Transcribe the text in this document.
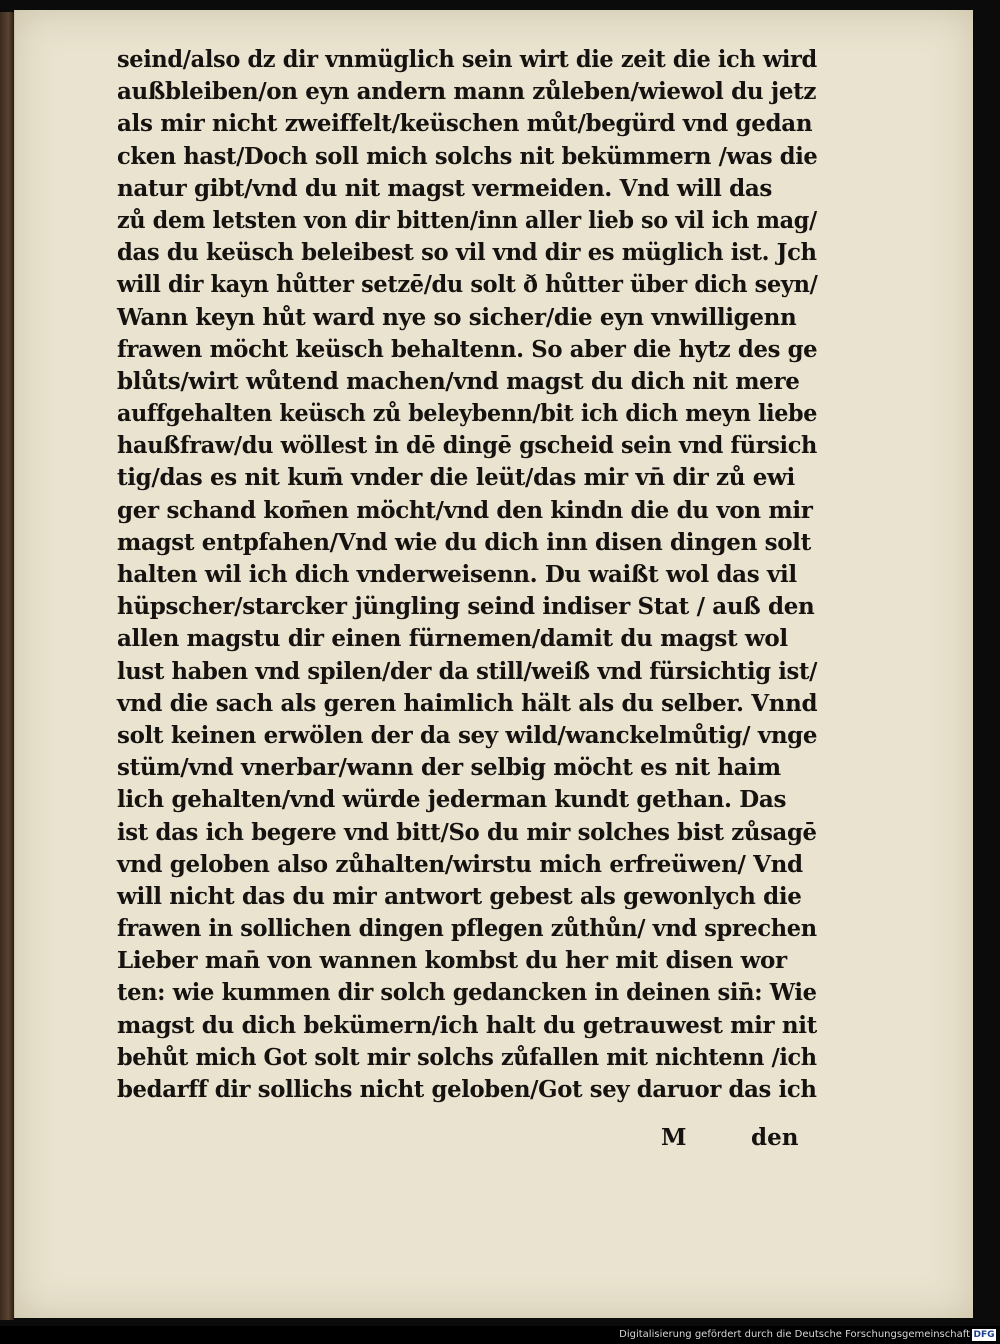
seind/also dz dir vnmüglich sein wirt die zeit die ich wird
außbleiben/on eyn andern mann zůleben/wiewol du jetz
als mir nicht zweiffelt/keüschen můt/begürd vnd gedan
cken hast/Doch soll mich solchs nit bekümmern /was die
natur gibt/vnd du nit magst vermeiden. Vnd will das
zů dem letsten von dir bitten/inn aller lieb so vil ich mag/
das du keüsch beleibest so vil vnd dir es müglich ist. Jch
will dir kayn hůtter setzē/du solt ð hůtter über dich seyn/
Wann keyn hůt ward nye so sicher/die eyn vnwilligenn
frawen möcht keüsch behaltenn. So aber die hytz des ge
blůts/wirt wůtend machen/vnd magst du dich nit mere
auffgehalten keüsch zů beleybenn/bit ich dich meyn liebe
haußfraw/du wöllest in dē dingē gscheid sein vnd fürsich
tig/das es nit kum̄ vnder die leüt/das mir vn̄ dir zů ewi
ger schand kom̄en möcht/vnd den kindn die du von mir
magst entpfahen/Vnd wie du dich inn disen dingen solt
halten wil ich dich vnderweisenn. Du waißt wol das vil
hüpscher/starcker jüngling seind indiser Stat / auß den
allen magstu dir einen fürnemen/damit du magst wol
lust haben vnd spilen/der da still/weiß vnd fürsichtig ist/
vnd die sach als geren haimlich hält als du selber. Vnnd
solt keinen erwölen der da sey wild/wanckelmůtig/ vnge
stüm/vnd vnerbar/wann der selbig möcht es nit haim
lich gehalten/vnd würde jederman kundt gethan. Das
ist das ich begere vnd bitt/So du mir solches bist zůsagē
vnd geloben also zůhalten/wirstu mich erfreüwen/ Vnd
will nicht das du mir antwort gebest als gewonlych die
frawen in sollichen dingen pflegen zůthůn/ vnd sprechen
Lieber man̄ von wannen kombst du her mit disen wor
ten: wie kummen dir solch gedancken in deinen sin̄: Wie
magst du dich bekümern/ich halt du getrauwest mir nit
behůt mich Got solt mir solchs zůfallen mit nichtenn /ich
bedarff dir sollichs nicht geloben/Got sey daruor das ich
M	den
Digitalisierung gefördert durch die Deutsche Forschungsgemeinschaft DFG
